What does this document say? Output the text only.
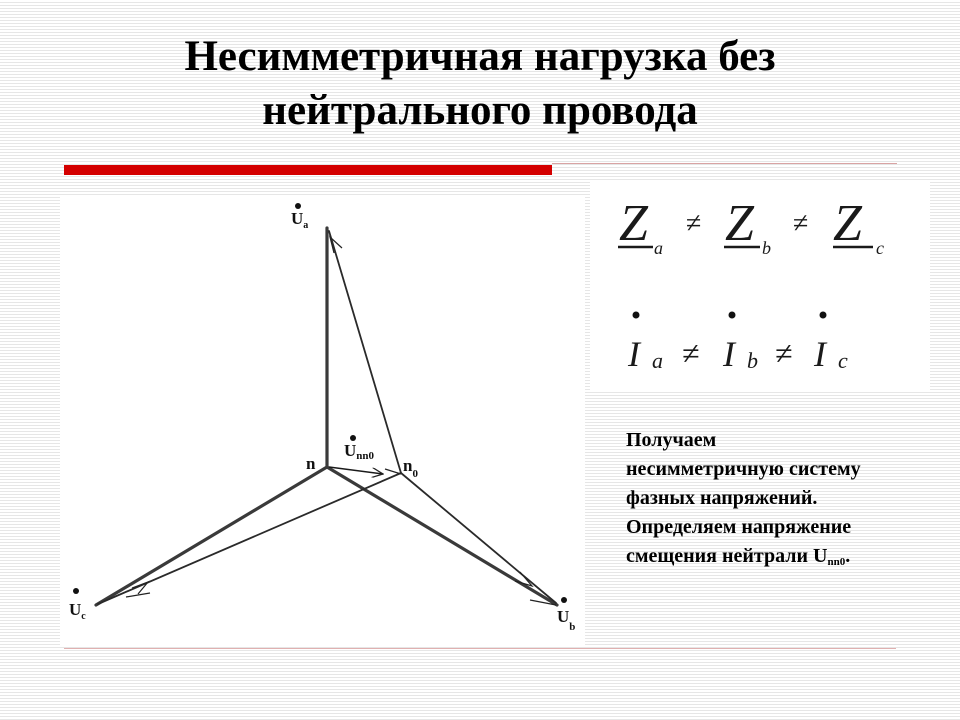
Несимметричная нагрузка без
нейтрального провода
$U_a$
Unn0
n	$n_0$
$U_c$	$U_b$
Z a
≠ Z b
≠ Z c
I a ≠ I b ≠ I c
Получаем
несимметричную систему
фазных напряжений.
Определяем напряжение
смещения нейтрали $U_{nn0}$.
